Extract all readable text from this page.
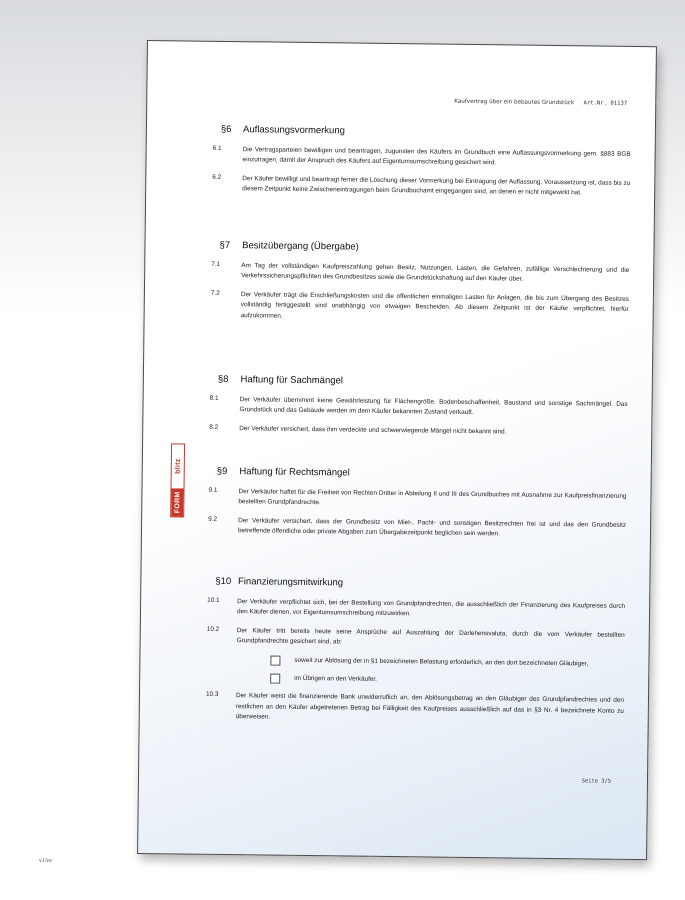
Kaufvertrag über ein bebautes Grundstück Art.Nr. 01137
blitz
FORM
§6 Auflassungsvormerkung
6.1	Die Vertragsparteien bewilligen und beantragen, zugunsten des Käufers im Grundbuch eine Auflassungsvormerkung gem. §883 BGB einzutragen, damit der Anspruch des Käufers auf Eigentumsumschreibung gesichert wird.
6.2	Der Käufer bewilligt und beantragt ferner die Löschung dieser Vormerkung bei Eintragung der Auflassung. Voraussetzung ist, dass bis zu diesem Zeitpunkt keine Zwischeneintragungen beim Grundbuchamt eingegangen sind, an denen er nicht mitgewirkt hat.
§7 Besitzübergang (Übergabe)
7.1	Am Tag der vollständigen Kaufpreiszahlung gehen Besitz, Nutzungen, Lasten, die Gefahren, zufällige Verschlechterung und die Verkehrssicherungspflichten des Grundbesitzes sowie die Grundstückshaftung auf den Käufer über.
7.2	Der Verkäufer trägt die Erschließungskosten und die öffentlichen einmaligen Lasten für Anlagen, die bis zum Übergang des Besitzes vollständig fertiggestellt sind unabhängig von etwaigen Bescheiden. Ab diesem Zeitpunkt ist der Käufer verpflichtet, hierfür aufzukommen.
§8 Haftung für Sachmängel
8.1	Der Verkäufer übernimmt keine Gewährleistung für Flächengröße, Bodenbeschaffenheit, Baustand und sonstige Sachmängel. Das Grundstück und das Gebäude werden im dem Käufer bekannten Zustand verkauft.
8.2	Der Verkäufer versichert, dass ihm verdeckte und schwerwiegende Mängel nicht bekannt sind.
§9 Haftung für Rechtsmängel
9.1	Der Verkäufer haftet für die Freiheit von Rechten Dritter in Abteilung II und III des Grundbuches mit Ausnahme zur Kaufpreisfinanzierung bestellten Grundpfandrechte.
9.2	Der Verkäufer versichert, dass der Grundbesitz von Miet-, Pacht- und sonstigen Besitzrechten frei ist und das den Grundbesitz betreffende öffentliche oder private Abgaben zum Übergabezeitpunkt beglichen sein werden.
§10 Finanzierungsmitwirkung
10.1	Der Verkäufer verpflichtet sich, bei der Bestellung von Grundpfandrechten, die ausschließlich der Finanzierung des Kaufpreises durch den Käufer dienen, vor Eigentumsumschreibung mitzuwirken.
10.2	Der Käufer tritt bereits heute seine Ansprüche auf Auszahlung der Darlehensvaluta, durch die vom Verkäufer bestellten Grundpfandrechte gesichert sind, ab:
soweit zur Ablösung der in §1 bezeichneten Belastung erforderlich, an den dort bezeichneten Gläubiger,
im Übrigen an den Verkäufer.
10.3	Der Käufer weist die finanzierende Bank unwiderruflich an, den Ablösungsbetrag an den Gläubiger des Grundpfandrechtes und den restlichen an den Käufer abgetretenen Betrag bei Fälligkeit des Kaufpreises ausschließlich auf das in §3 Nr. 4 bezeichnete Konto zu überweisen.
Seite 3/5
vJAw
